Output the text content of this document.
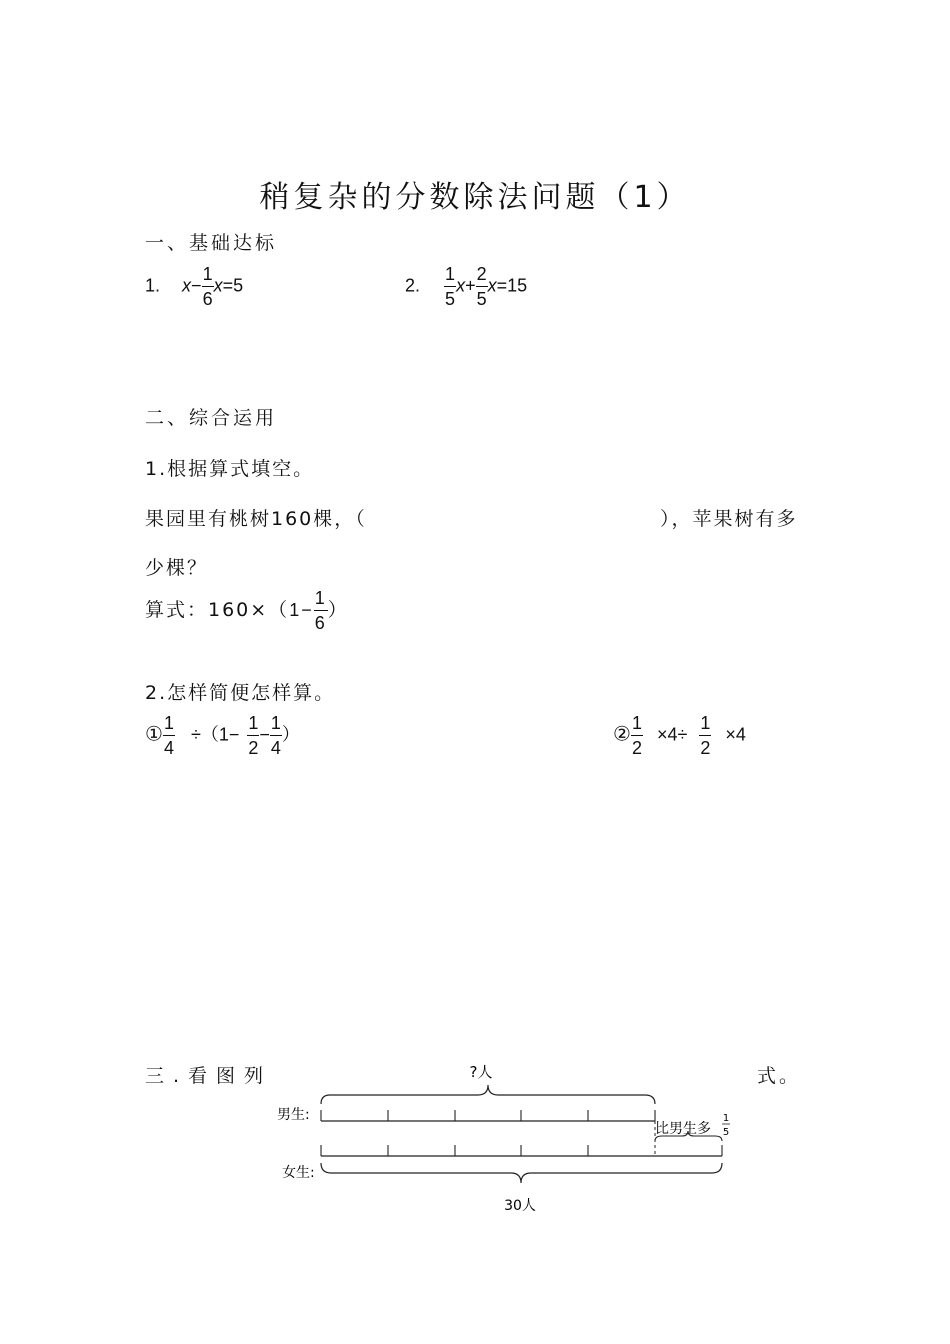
稍复杂的分数除法问题（1）
一、基础达标
1. $x- \frac{1}{6} x=5$	2. $\frac{1}{5} x+ \frac{2}{5} x=15$
二、综合运用
1.根据算式填空。
果园里有桃树160棵，（	），苹果树有多
少棵？
算式：$160\times(1- \frac{1}{6}$ ）
2.怎样简便怎样算。
① $\frac{1}{4} \div(1- \frac{1}{2} - \frac{1}{4}$ ）	② $\frac{1}{2} \times 4\div \frac{1}{2} \times 4$
三.看图列	式。
?人
男生:
比男生多
1
5
女生:
30人
